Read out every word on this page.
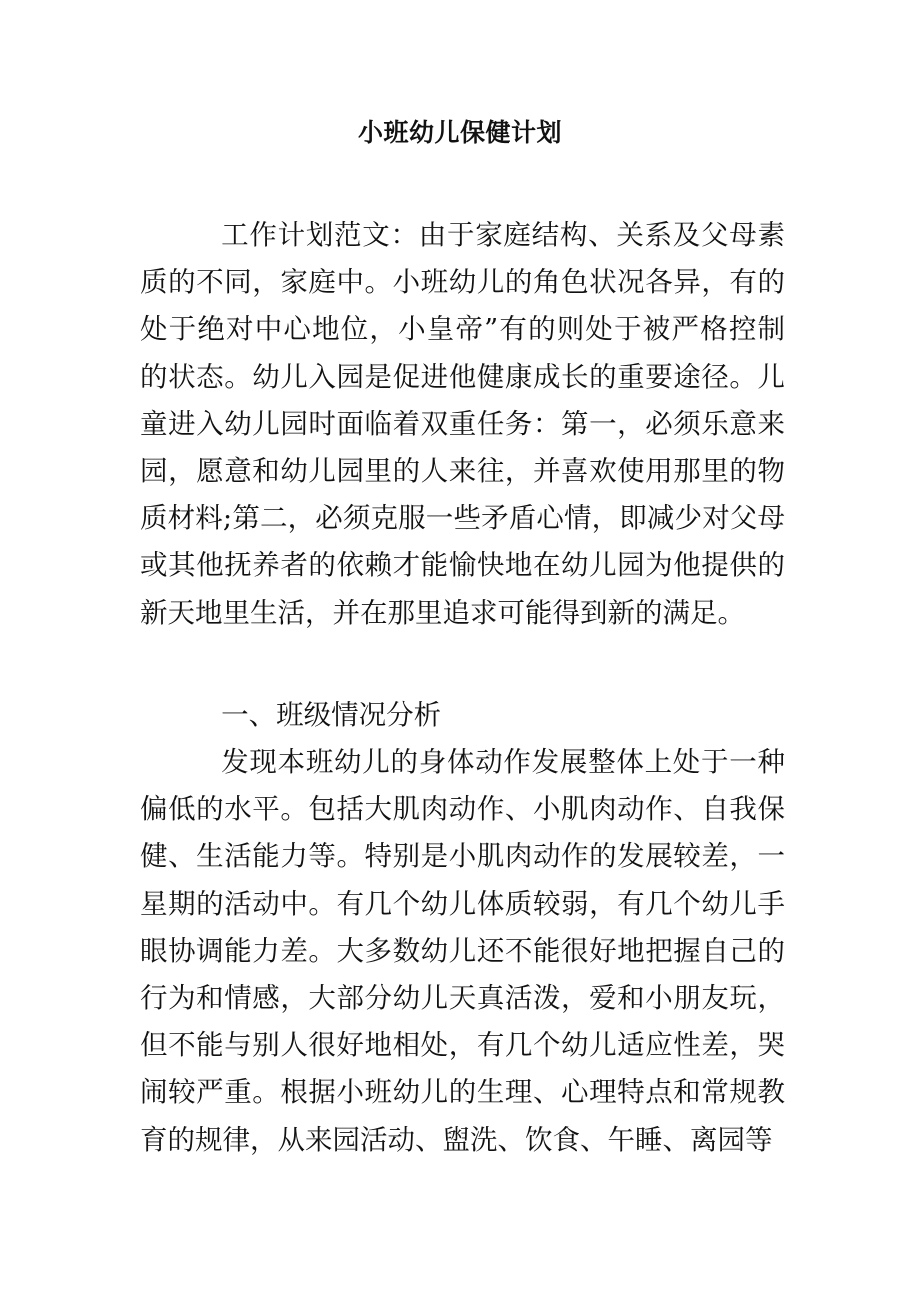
小班幼儿保健计划

工作计划范文：由于家庭结构、关系及父母素质的不同，家庭中。小班幼儿的角色状况各异，有的处于绝对中心地位，小皇帝”有的则处于被严格控制的状态。幼儿入园是促进他健康成长的重要途径。儿童进入幼儿园时面临着双重任务：第一，必须乐意来园，愿意和幼儿园里的人来往，并喜欢使用那里的物质材料;第二，必须克服一些矛盾心情，即减少对父母或其他抚养者的依赖才能愉快地在幼儿园为他提供的新天地里生活，并在那里追求可能得到新的满足。

一、班级情况分析

发现本班幼儿的身体动作发展整体上处于一种偏低的水平。包括大肌肉动作、小肌肉动作、自我保健、生活能力等。特别是小肌肉动作的发展较差，一星期的活动中。有几个幼儿体质较弱，有几个幼儿手眼协调能力差。大多数幼儿还不能很好地把握自己的行为和情感，大部分幼儿天真活泼，爱和小朋友玩，但不能与别人很好地相处，有几个幼儿适应性差，哭闹较严重。根据小班幼儿的生理、心理特点和常规教育的规律，从来园活动、盥洗、饮食、午睡、离园等
